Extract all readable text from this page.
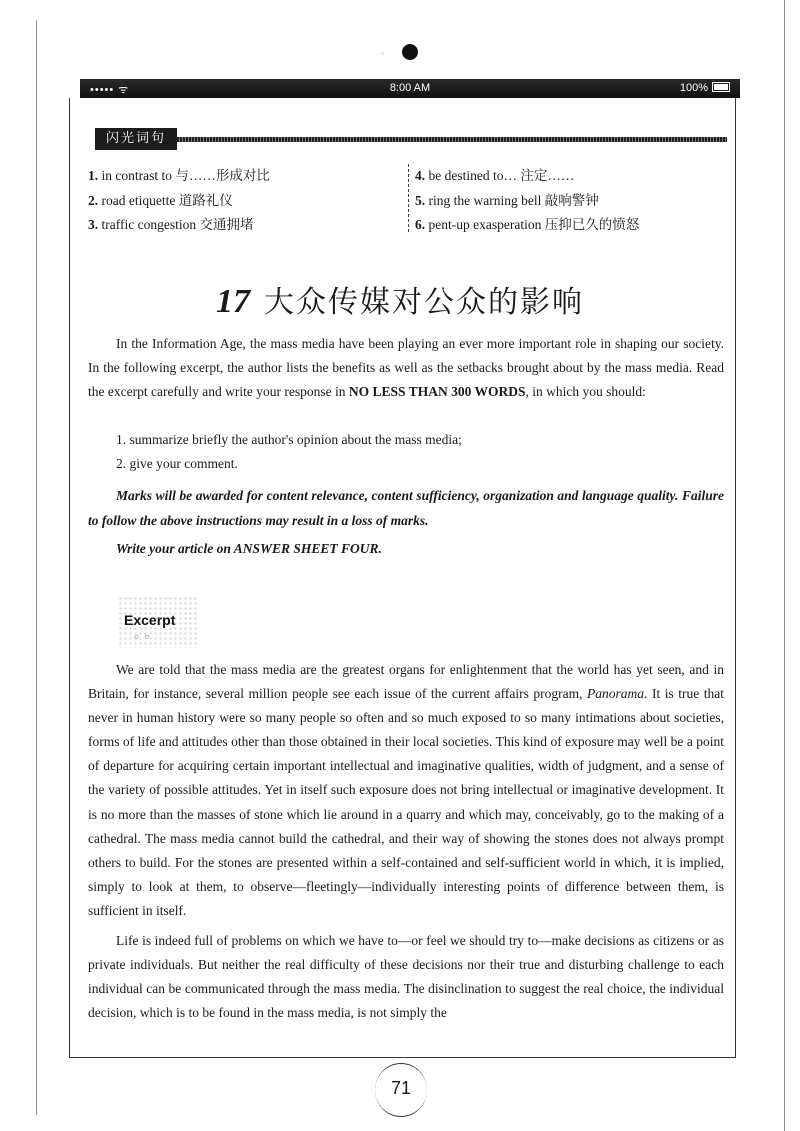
◦
••••• ᯤ	8:00 AM	100%
闪光词句
1. in contrast to 与……形成对比
2. road etiquette 道路礼仪
3. traffic congestion 交通拥堵
4. be destined to… 注定……
5. ring the warning bell 敲响警钟
6. pent-up exasperation 压抑已久的愤怒
17 大众传媒对公众的影响

In the Information Age, the mass media have been playing an ever more important role in shaping our society. In the following excerpt, the author lists the benefits as well as the setbacks brought about by the mass media. Read the excerpt carefully and write your response in NO LESS THAN 300 WORDS, in which you should:

1. summarize briefly the author's opinion about the mass media;
2. give your comment.

Marks will be awarded for content relevance, content sufficiency, organization and language quality. Failure to follow the above instructions may result in a loss of marks.

Write your article on ANSWER SHEET FOUR.
Excerpt
○○

We are told that the mass media are the greatest organs for enlightenment that the world has yet seen, and in Britain, for instance, several million people see each issue of the current affairs program, Panorama. It is true that never in human history were so many people so often and so much exposed to so many intimations about societies, forms of life and attitudes other than those obtained in their local societies. This kind of exposure may well be a point of departure for acquiring certain important intellectual and imaginative qualities, width of judgment, and a sense of the variety of possible attitudes. Yet in itself such exposure does not bring intellectual or imaginative development. It is no more than the masses of stone which lie around in a quarry and which may, conceivably, go to the making of a cathedral. The mass media cannot build the cathedral, and their way of showing the stones does not always prompt others to build. For the stones are presented within a self-contained and self-sufficient world in which, it is implied, simply to look at them, to observe—fleetingly—individually interesting points of difference between them, is sufficient in itself.

Life is indeed full of problems on which we have to—or feel we should try to—make decisions as citizens or as private individuals. But neither the real difficulty of these decisions nor their true and disturbing challenge to each individual can be communicated through the mass media. The disinclination to suggest the real choice, the individual decision, which is to be found in the mass media, is not simply the

71
